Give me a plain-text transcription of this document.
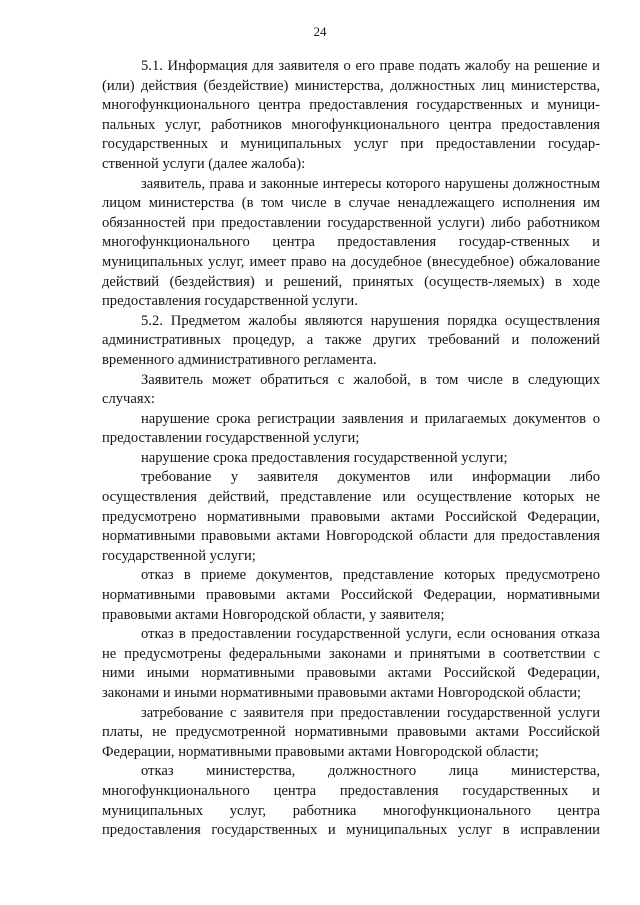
24

5.1. Информация для заявителя о его праве подать жалобу на решение и (или) действия (бездействие) министерства, должностных лиц министерства, многофункционального центра предоставления государственных и муници-пальных услуг, работников многофункционального центра предоставления государственных и муниципальных услуг при предоставлении государ-ственной услуги (далее жалоба):

заявитель, права и законные интересы которого нарушены должностным лицом министерства (в том числе в случае ненадлежащего исполнения им обязанностей при предоставлении государственной услуги) либо работником многофункционального центра предоставления государ-ственных и муниципальных услуг, имеет право на досудебное (внесудебное) обжалование действий (бездействия) и решений, принятых (осуществ-ляемых) в ходе предоставления государственной услуги.

5.2. Предметом жалобы являются нарушения порядка осуществления административных процедур, а также других требований и положений временного административного регламента.

Заявитель может обратиться с жалобой, в том числе в следующих случаях:

нарушение срока регистрации заявления и прилагаемых документов о предоставлении государственной услуги;

нарушение срока предоставления государственной услуги;

требование у заявителя документов или информации либо осуществления действий, представление или осуществление которых не предусмотрено нормативными правовыми актами Российской Федерации, нормативными правовыми актами Новгородской области для предоставления государственной услуги;

отказ в приеме документов, представление которых предусмотрено нормативными правовыми актами Российской Федерации, нормативными правовыми актами Новгородской области, у заявителя;

отказ в предоставлении государственной услуги, если основания отказа не предусмотрены федеральными законами и принятыми в соответствии с ними иными нормативными правовыми актами Российской Федерации, законами и иными нормативными правовыми актами Новгородской области;

затребование с заявителя при предоставлении государственной услуги платы, не предусмотренной нормативными правовыми актами Российской Федерации, нормативными правовыми актами Новгородской области;

отказ министерства, должностного лица министерства, многофункционального центра предоставления государственных и муниципальных услуг, работника многофункционального центра предоставления государственных и муниципальных услуг в исправлении
